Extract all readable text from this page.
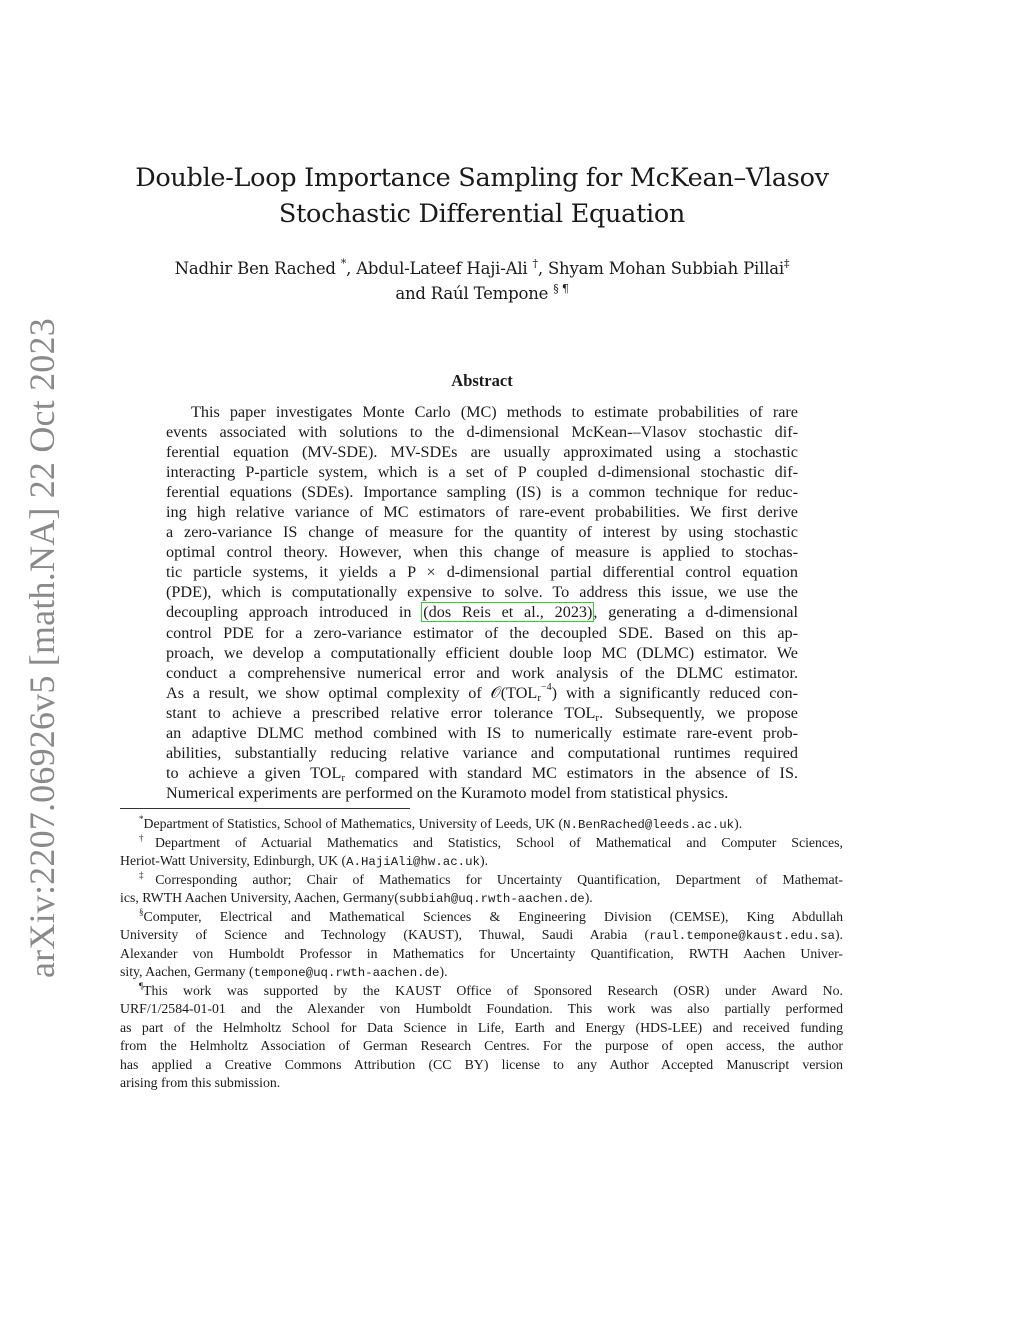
arXiv:2207.06926v5 [math.NA] 22 Oct 2023
Double-Loop Importance Sampling for McKean–Vlasov
Stochastic Differential Equation
Nadhir Ben Rached *, Abdul-Lateef Haji-Ali †, Shyam Mohan Subbiah Pillai‡
and Raúl Tempone § ¶
Abstract
This paper investigates Monte Carlo (MC) methods to estimate probabilities of rare
events associated with solutions to the d-dimensional McKean-–Vlasov stochastic dif-
ferential equation (MV-SDE). MV-SDEs are usually approximated using a stochastic
interacting P-particle system, which is a set of P coupled d-dimensional stochastic dif-
ferential equations (SDEs). Importance sampling (IS) is a common technique for reduc-
ing high relative variance of MC estimators of rare-event probabilities. We first derive
a zero-variance IS change of measure for the quantity of interest by using stochastic
optimal control theory. However, when this change of measure is applied to stochas-
tic particle systems, it yields a P × d-dimensional partial differential control equation
(PDE), which is computationally expensive to solve. To address this issue, we use the
decoupling approach introduced in (dos Reis et al., 2023), generating a d-dimensional
control PDE for a zero-variance estimator of the decoupled SDE. Based on this ap-
proach, we develop a computationally efficient double loop MC (DLMC) estimator. We
conduct a comprehensive numerical error and work analysis of the DLMC estimator.
As a result, we show optimal complexity of $𝒪(TOL_r^{-4})$ with a significantly reduced con-
stant to achieve a prescribed relative error tolerance $TOL_r$. Subsequently, we propose
an adaptive DLMC method combined with IS to numerically estimate rare-event prob-
abilities, substantially reducing relative variance and computational runtimes required
to achieve a given $TOL_r$ compared with standard MC estimators in the absence of IS.
Numerical experiments are performed on the Kuramoto model from statistical physics.
*Department of Statistics, School of Mathematics, University of Leeds, UK (N.BenRached@leeds.ac.uk).
†Department of Actuarial Mathematics and Statistics, School of Mathematical and Computer Sciences,
Heriot-Watt University, Edinburgh, UK (A.HajiAli@hw.ac.uk).
‡Corresponding author; Chair of Mathematics for Uncertainty Quantification, Department of Mathemat-
ics, RWTH Aachen University, Aachen, Germany(subbiah@uq.rwth-aachen.de).
§Computer, Electrical and Mathematical Sciences & Engineering Division (CEMSE), King Abdullah
University of Science and Technology (KAUST), Thuwal, Saudi Arabia (raul.tempone@kaust.edu.sa).
Alexander von Humboldt Professor in Mathematics for Uncertainty Quantification, RWTH Aachen Univer-
sity, Aachen, Germany (tempone@uq.rwth-aachen.de).
¶This work was supported by the KAUST Office of Sponsored Research (OSR) under Award No.
URF/1/2584-01-01 and the Alexander von Humboldt Foundation. This work was also partially performed
as part of the Helmholtz School for Data Science in Life, Earth and Energy (HDS-LEE) and received funding
from the Helmholtz Association of German Research Centres. For the purpose of open access, the author
has applied a Creative Commons Attribution (CC BY) license to any Author Accepted Manuscript version
arising from this submission.
